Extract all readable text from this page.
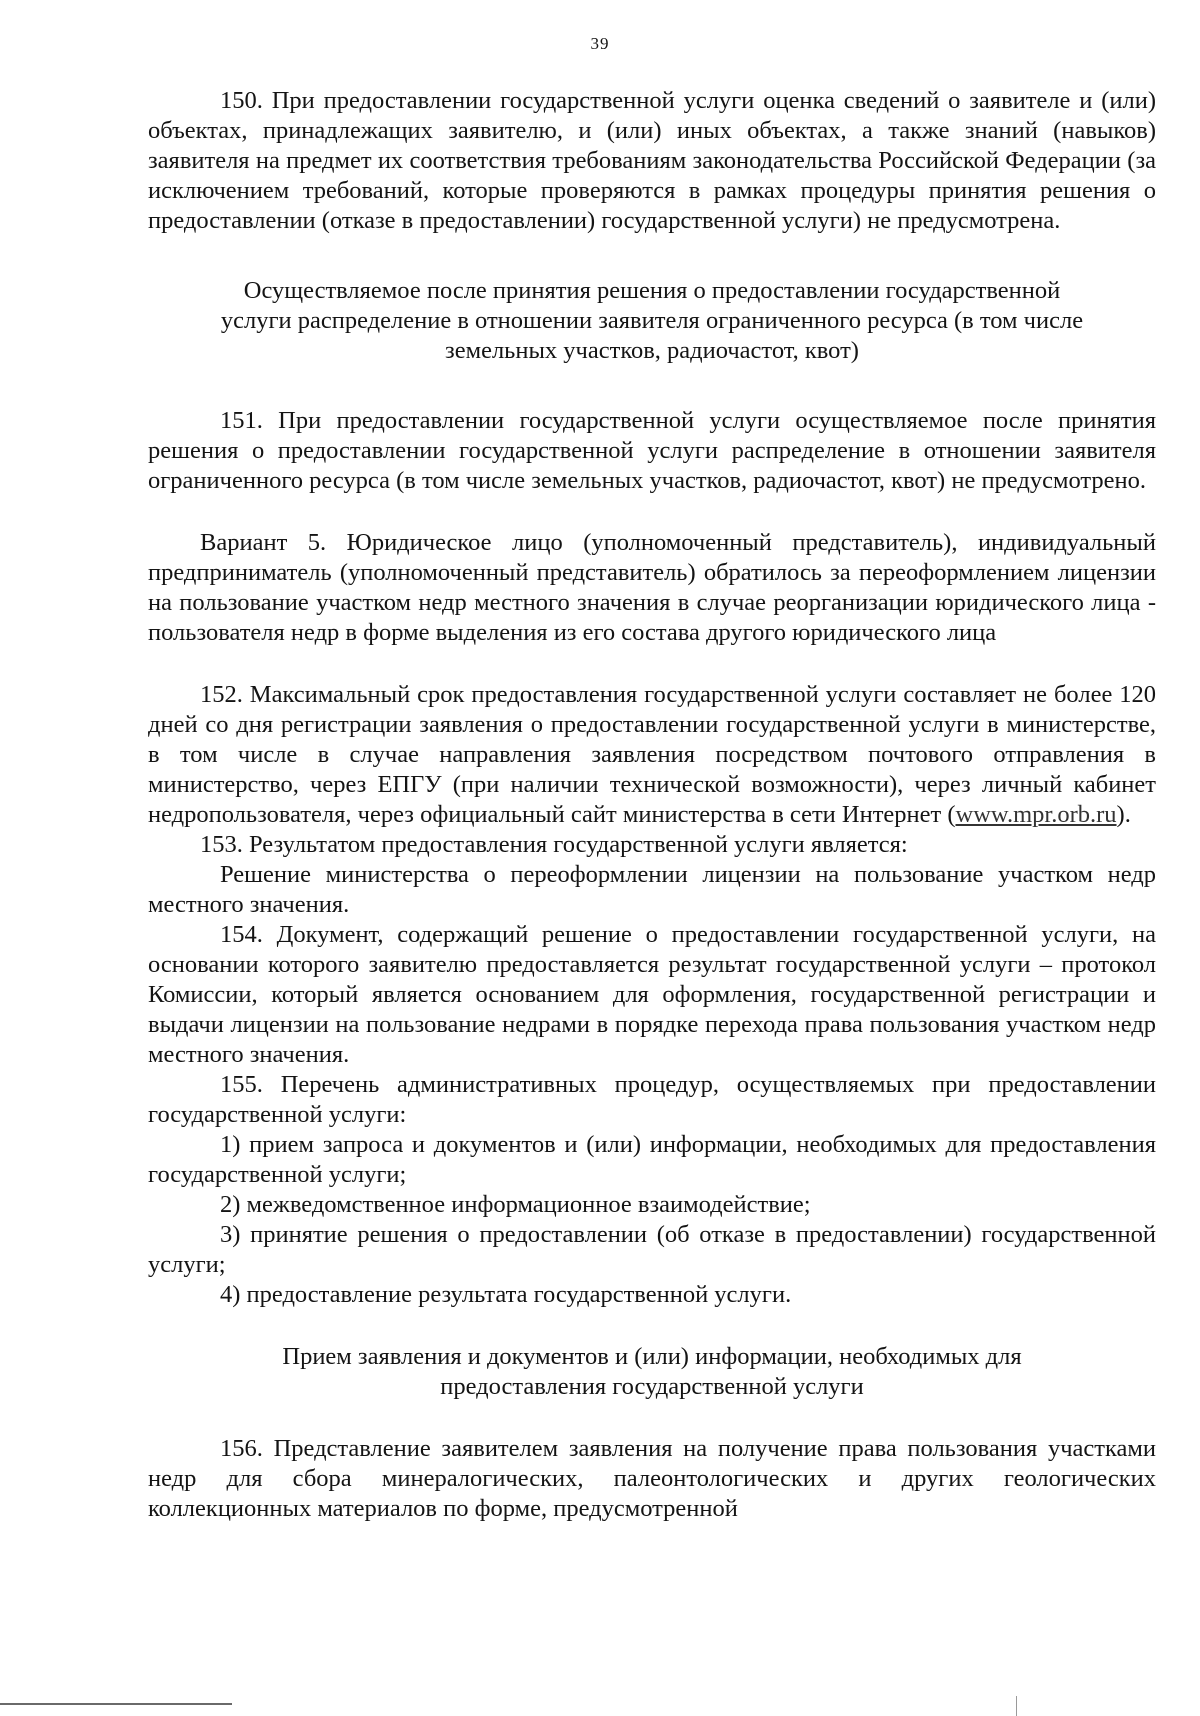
39

150. При предоставлении государственной услуги оценка сведений о заявителе и (или) объектах, принадлежащих заявителю, и (или) иных объектах, а также знаний (навыков) заявителя на предмет их соответствия требованиям законодательства Российской Федерации (за исключением требований, которые проверяются в рамках процедуры принятия решения о предоставлении (отказе в предоставлении) государственной услуги) не предусмотрена.

Осуществляемое после принятия решения о предоставлении государственной услуги распределение в отношении заявителя ограниченного ресурса (в том числе земельных участков, радиочастот, квот)

151. При предоставлении государственной услуги осуществляемое после принятия решения о предоставлении государственной услуги распределение в отношении заявителя ограниченного ресурса (в том числе земельных участков, радиочастот, квот) не предусмотрено.

Вариант 5. Юридическое лицо (уполномоченный представитель), индивидуальный предприниматель (уполномоченный представитель) обратилось за переоформлением лицензии на пользование участком недр местного значения в случае реорганизации юридического лица - пользователя недр в форме выделения из его состава другого юридического лица

152. Максимальный срок предоставления государственной услуги составляет не более 120 дней со дня регистрации заявления о предоставлении государственной услуги в министерстве, в том числе в случае направления заявления посредством почтового отправления в министерство, через ЕПГУ (при наличии технической возможности), через личный кабинет недропользователя, через официальный сайт министерства в сети Интернет (www.mpr.orb.ru).

153. Результатом предоставления государственной услуги является:

Решение министерства о переоформлении лицензии на пользование участком недр местного значения.

154. Документ, содержащий решение о предоставлении государственной услуги, на основании которого заявителю предоставляется результат государственной услуги – протокол Комиссии, который является основанием для оформления, государственной регистрации и выдачи лицензии на пользование недрами в порядке перехода права пользования участком недр местного значения.

155. Перечень административных процедур, осуществляемых при предоставлении государственной услуги:

1) прием запроса и документов и (или) информации, необходимых для предоставления государственной услуги;

2) межведомственное информационное взаимодействие;

3) принятие решения о предоставлении (об отказе в предоставлении) государственной услуги;

4) предоставление результата государственной услуги.

Прием заявления и документов и (или) информации, необходимых для предоставления государственной услуги

156. Представление заявителем заявления на получение права пользования участками недр для сбора минералогических, палеонтологических и других геологических коллекционных материалов по форме, предусмотренной
